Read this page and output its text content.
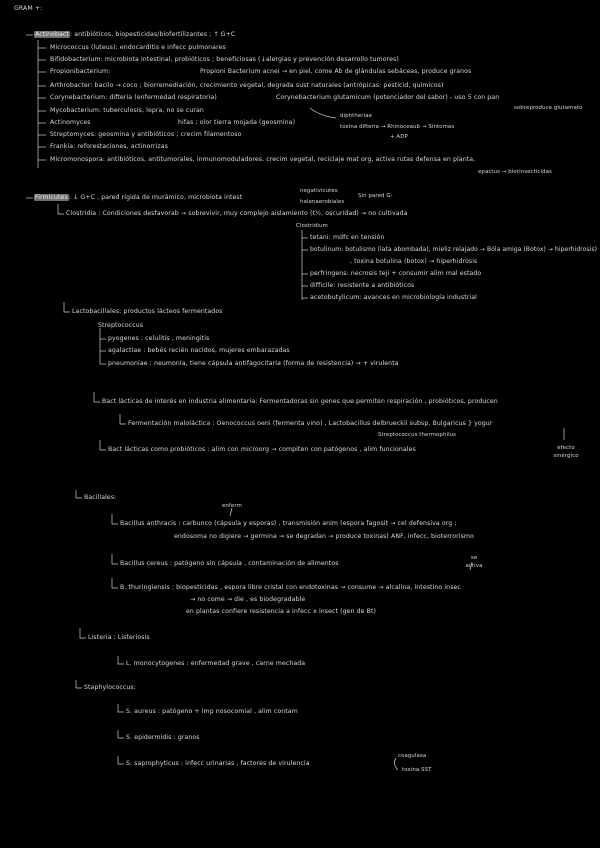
GRAM +:
Actinobact: antibióticos, biopesticidas/biofertilizantes ; ↑ G+C
Micrococcus (luteus): endocarditis e infecc pulmonares
Bifidobacterium: microbiota intestinal, probióticos ; beneficiosas (↓alergias y prevención desarrollo tumores)
Propionibacterium:	Propioni Bacterium acnei → en piel, come Ab de glándulas sebáceas, produce granos
Arthrobacter: bacilo → coco ; biorremediación, crecimiento vegetal, degrada sust naturales (antrópicas: pesticid, químicos)
Corynebacterium: difteria (enfermedad respiratoria)	Corynebacterium glutamicum (potenciador del sabor) - uso 5 con pan
sobreproduce glutamato
diphtheriae
Mycobacterium: tuberculosis, lepra, no se curan
Actinomyces	hifas ; olor tierra mojada (geosmina)
toxina difteria → Rhinoceaub → Sintomas
+ ADP
Streptomyces: geosmina y antibióticos ; crecim filamentoso
Frankia: reforestaciones, actinorrizas
Micromonospora: antibióticos, antitumorales, inmunomoduladores, crecim vegetal, reciclaje mat org, activa rutas defensa en planta,
epactus → biorinsecticidas
negativicutes
halanaerobiales
Sin pared G-
Firmicutes: ↓ G+C , pared rígida de murámico, microbiota intest
Clostridia : Condiciones desfavorab → sobrevivir, muy complejo aislamiento (t½, oscuridad) → no cultivada
Clostridium
tetani: mdfc en tensión
botulinum: botulismo (lata abombada), mieliz relajado → Bóla amiga (Botox) → hiperhidrosis)
, toxina botulina (botox) → hiperhidrosis
perfringens: necrosis teji + consumir alim mal estado
difficile: resistente a antibióticos
acetobutylicum: avances en microbiología industrial
Lactobacillales: productos lácteos fermentados
Streptococcus
pyogenes : celulitis , meningitis
agalactiae : bebés recién nacidos, mujeres embarazadas
pneumoniae : neumonía, tiene cápsula antifagocitaria (forma de resistencia) → + virulenta
Bact lácticas de interés en industria alimentaria: Fermentadoras sin genes que permiten respiración , probióticos, producen
Fermentación maloláctica : Oenococcus oeni (fermenta vino) , Lactobacillus delbrueckii subsp. Bulgaricus } yogur
Streptococcus thermophilus
Bact lácticas como probióticos : alim con microorg → compiten con patógenos , alim funcionales	efecto sinérgico
Bacillales:
enferm
Bacillus anthracis : carbunco (cápsula y esporas) , transmisión anim (espora fagosit → cel defensiva org ;
endosoma no digiere → germina → se degradan → produce toxinas) ANF, infecc, bioterrorismo
Bacillus cereus : patógeno sin cápsula , contaminación de alimentos
se activa
B. thuringiensis : biopesticidas , espora libre cristal con endotoxinas → consume → alcalina, intestino insec
→ no come → die , es biodegradable
en plantas confiere resistencia a infecc x insect (gen de Bt)
Listeria : Listeriosis
L. monocytogenes : enfermedad grave , carne mechada
Staphylococcus:
S. aureus : patógeno + imp nosocomial , alim contam
S. epidermidis : granos
S. saprophyticus : infecc urinarias , factores de virulencia
coagulasa
toxina SST
